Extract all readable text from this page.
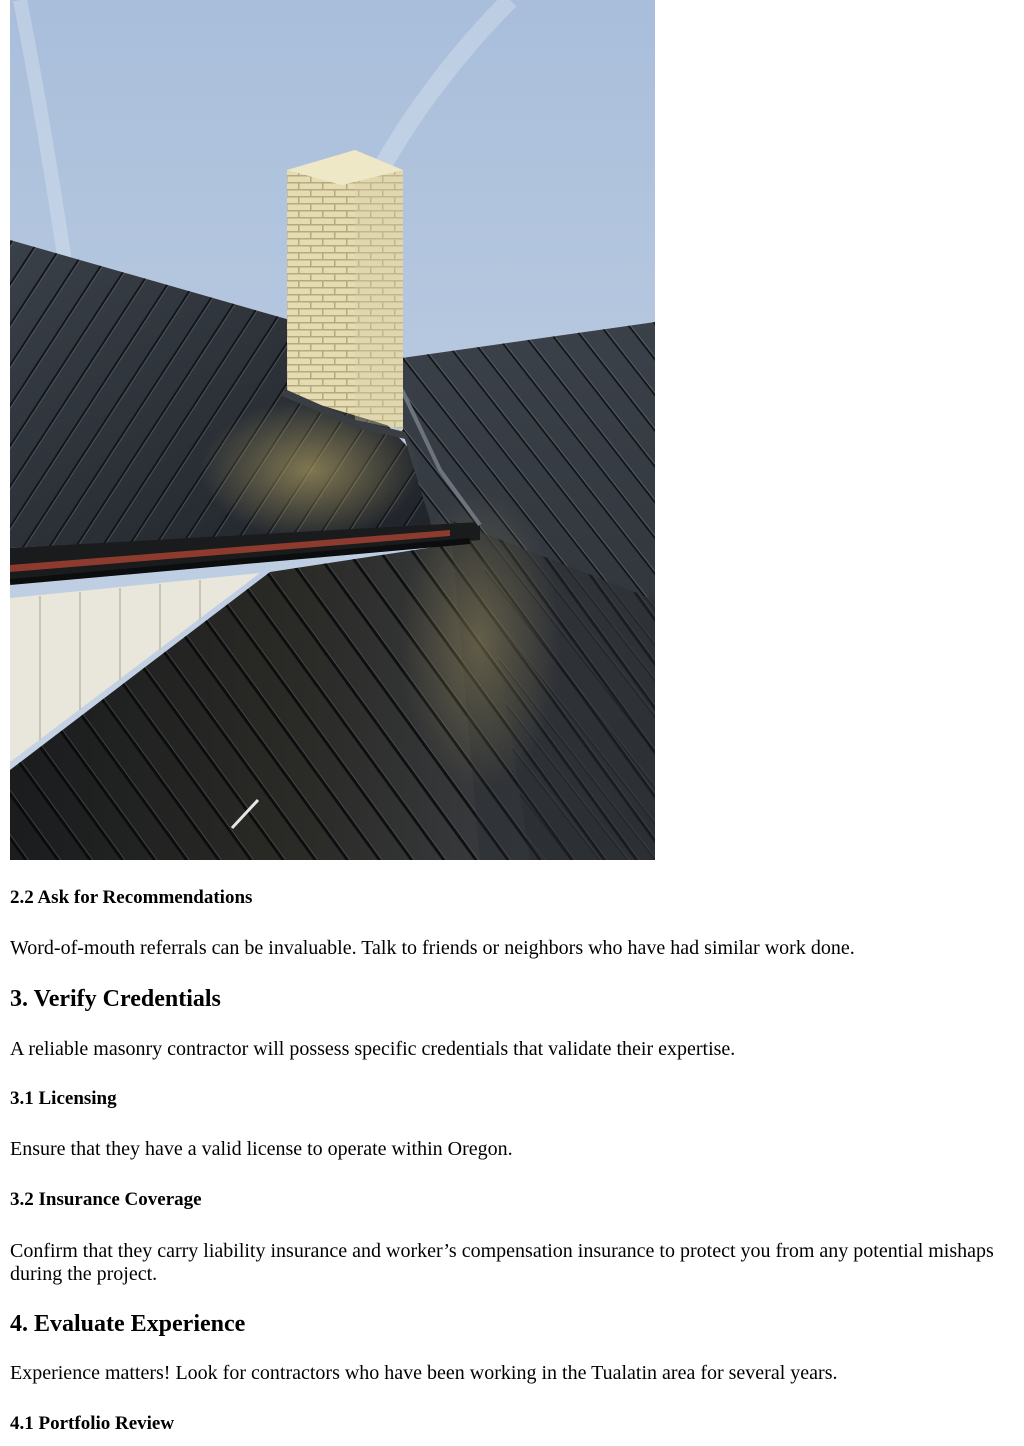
2.2 Ask for Recommendations

Word-of-mouth referrals can be invaluable. Talk to friends or neighbors who have had similar work done.

3. Verify Credentials

A reliable masonry contractor will possess specific credentials that validate their expertise.

3.1 Licensing

Ensure that they have a valid license to operate within Oregon.

3.2 Insurance Coverage

Confirm that they carry liability insurance and worker’s compensation insurance to protect you from any potential mishaps during the project.

4. Evaluate Experience

Experience matters! Look for contractors who have been working in the Tualatin area for several years.

4.1 Portfolio Review
